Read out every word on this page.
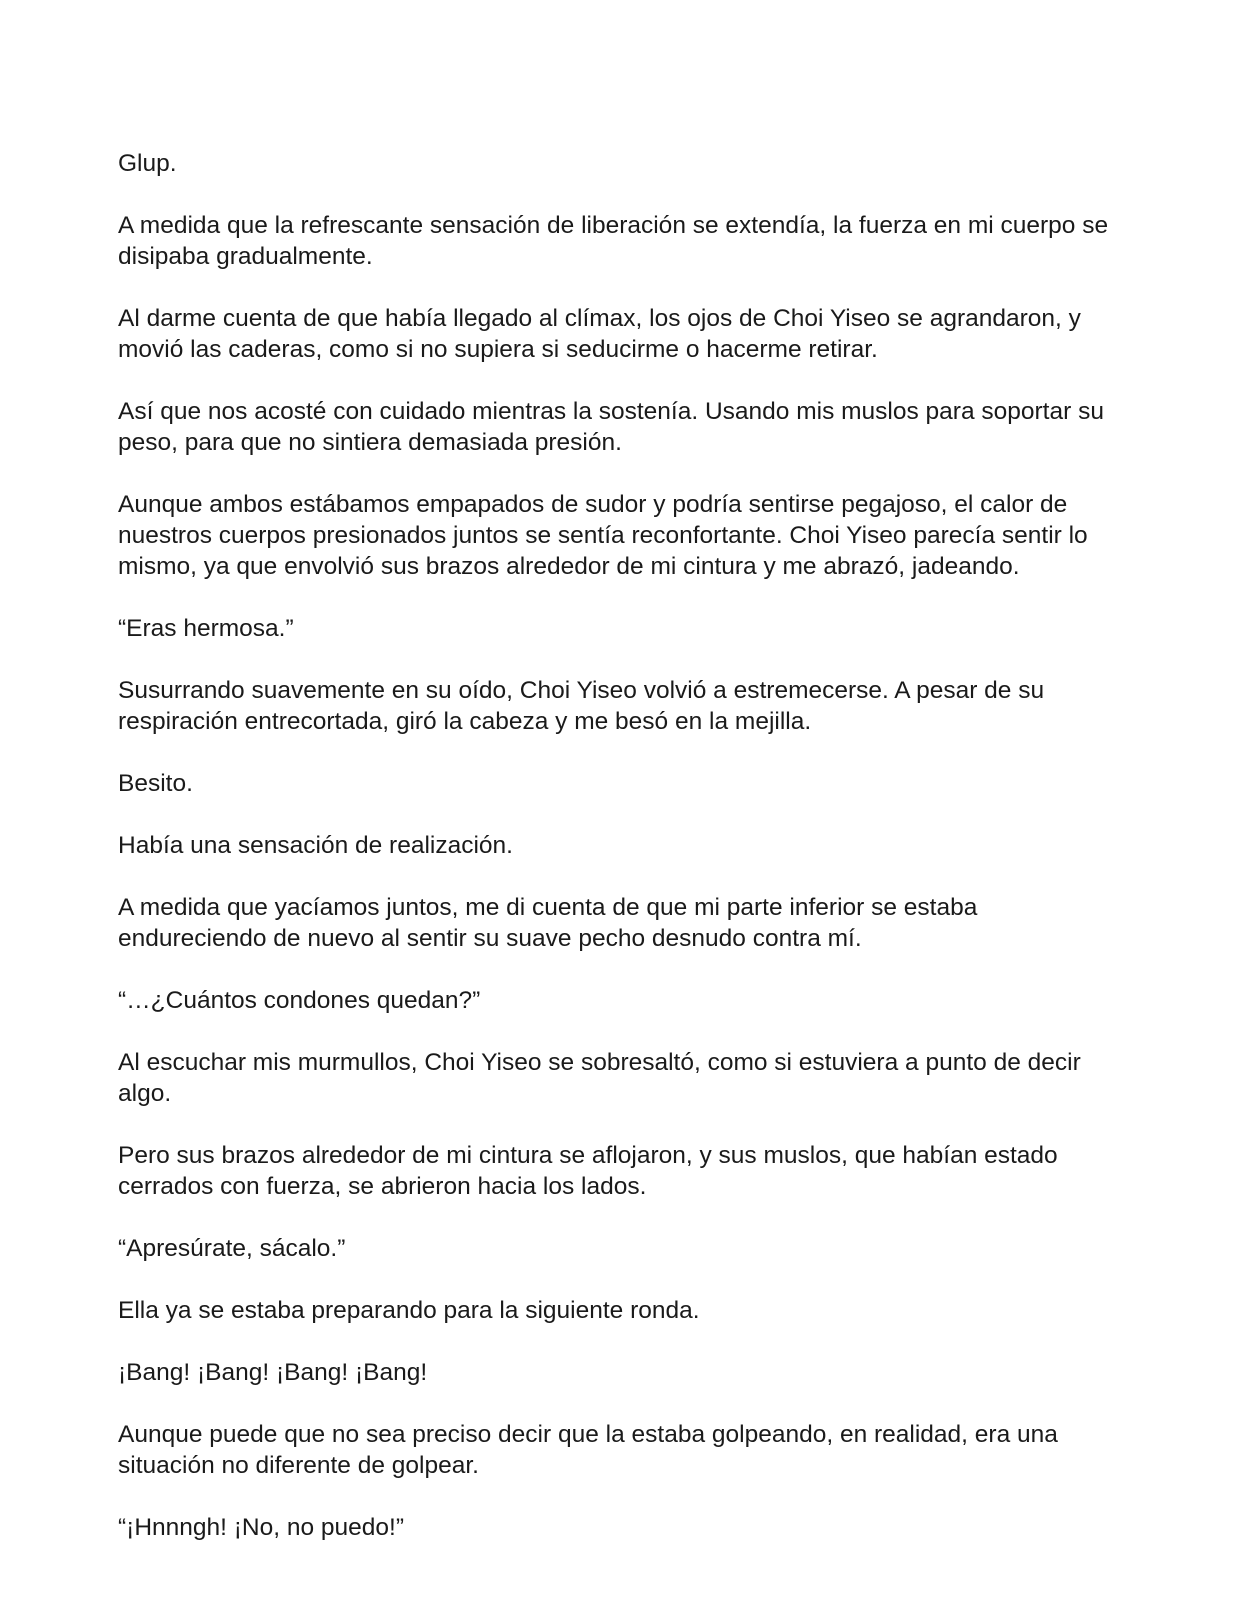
Glup.

A medida que la refrescante sensación de liberación se extendía, la fuerza en mi cuerpo se disipaba gradualmente.

Al darme cuenta de que había llegado al clímax, los ojos de Choi Yiseo se agrandaron, y movió las caderas, como si no supiera si seducirme o hacerme retirar.

Así que nos acosté con cuidado mientras la sostenía. Usando mis muslos para soportar su peso, para que no sintiera demasiada presión.

Aunque ambos estábamos empapados de sudor y podría sentirse pegajoso, el calor de nuestros cuerpos presionados juntos se sentía reconfortante. Choi Yiseo parecía sentir lo mismo, ya que envolvió sus brazos alrededor de mi cintura y me abrazó, jadeando.

“Eras hermosa.”

Susurrando suavemente en su oído, Choi Yiseo volvió a estremecerse. A pesar de su respiración entrecortada, giró la cabeza y me besó en la mejilla.

Besito.

Había una sensación de realización.

A medida que yacíamos juntos, me di cuenta de que mi parte inferior se estaba endureciendo de nuevo al sentir su suave pecho desnudo contra mí.

“…¿Cuántos condones quedan?”

Al escuchar mis murmullos, Choi Yiseo se sobresaltó, como si estuviera a punto de decir algo.

Pero sus brazos alrededor de mi cintura se aflojaron, y sus muslos, que habían estado cerrados con fuerza, se abrieron hacia los lados.

“Apresúrate, sácalo.”

Ella ya se estaba preparando para la siguiente ronda.

¡Bang! ¡Bang! ¡Bang! ¡Bang!

Aunque puede que no sea preciso decir que la estaba golpeando, en realidad, era una situación no diferente de golpear.

“¡Hnnngh! ¡No, no puedo!”
